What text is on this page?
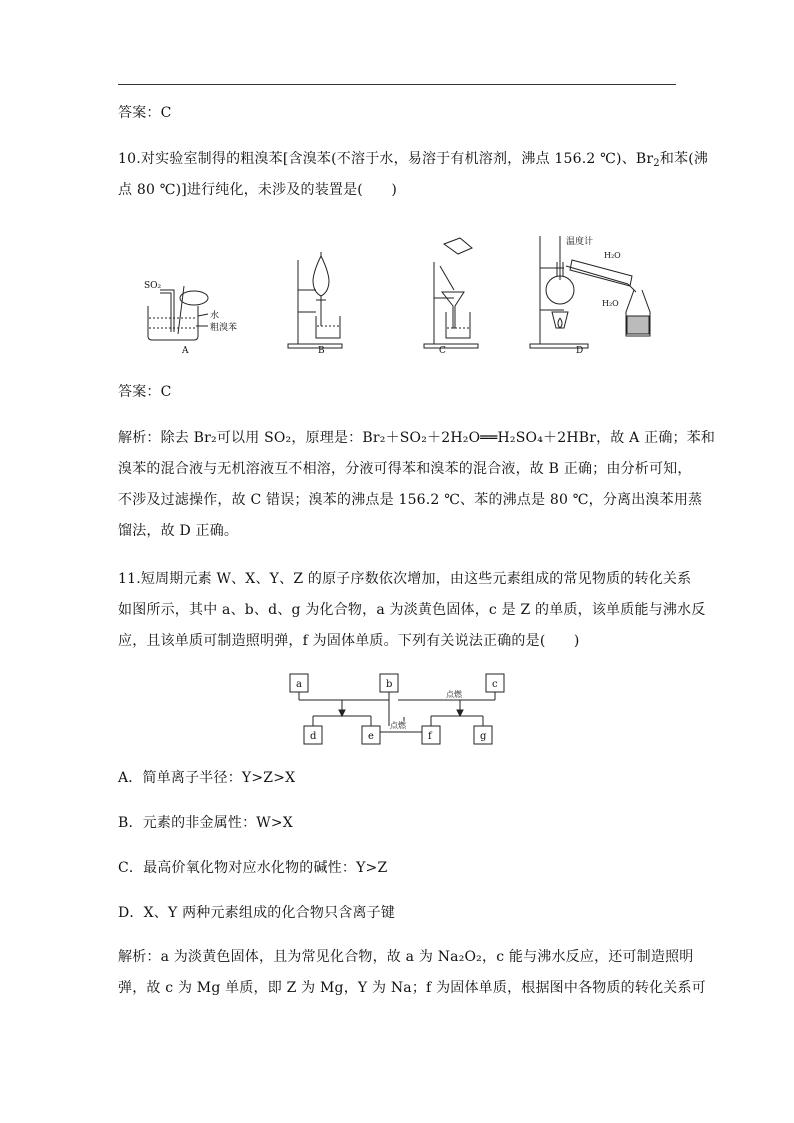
答案：C
10.对实验室制得的粗溴苯[含溴苯(不溶于水，易溶于有机溶剂，沸点 156.2 ℃)、$Br_2$和苯(沸
点 80 ℃)]进行纯化，未涉及的装置是(　　)
SO₂
水
粗溴苯
温度计
H₂O
H₂O
A	B	C	D
答案：C
解析：除去 Br₂可以用 SO₂，原理是：Br₂＋SO₂＋2H₂O══H₂SO₄＋2HBr，故 A 正确；苯和
溴苯的混合液与无机溶液互不相溶，分液可得苯和溴苯的混合液，故 B 正确；由分析可知，
不涉及过滤操作，故 C 错误；溴苯的沸点是 156.2 ℃、苯的沸点是 80 ℃，分离出溴苯用蒸
馏法，故 D 正确。
11.短周期元素 W、X、Y、Z 的原子序数依次增加，由这些元素组成的常见物质的转化关系
如图所示，其中 a、b、d、g 为化合物，a 为淡黄色固体，c 是 Z 的单质，该单质能与沸水反
应，且该单质可制造照明弹，f 为固体单质。下列有关说法正确的是(　　)
a	b	c
d	e	f	g
点燃
点燃
A．简单离子半径：Y>Z>X
B．元素的非金属性：W>X
C．最高价氧化物对应水化物的碱性：Y>Z
D．X、Y 两种元素组成的化合物只含离子键
解析：a 为淡黄色固体，且为常见化合物，故 a 为 Na₂O₂，c 能与沸水反应，还可制造照明
弹，故 c 为 Mg 单质，即 Z 为 Mg，Y 为 Na；f 为固体单质，根据图中各物质的转化关系可
